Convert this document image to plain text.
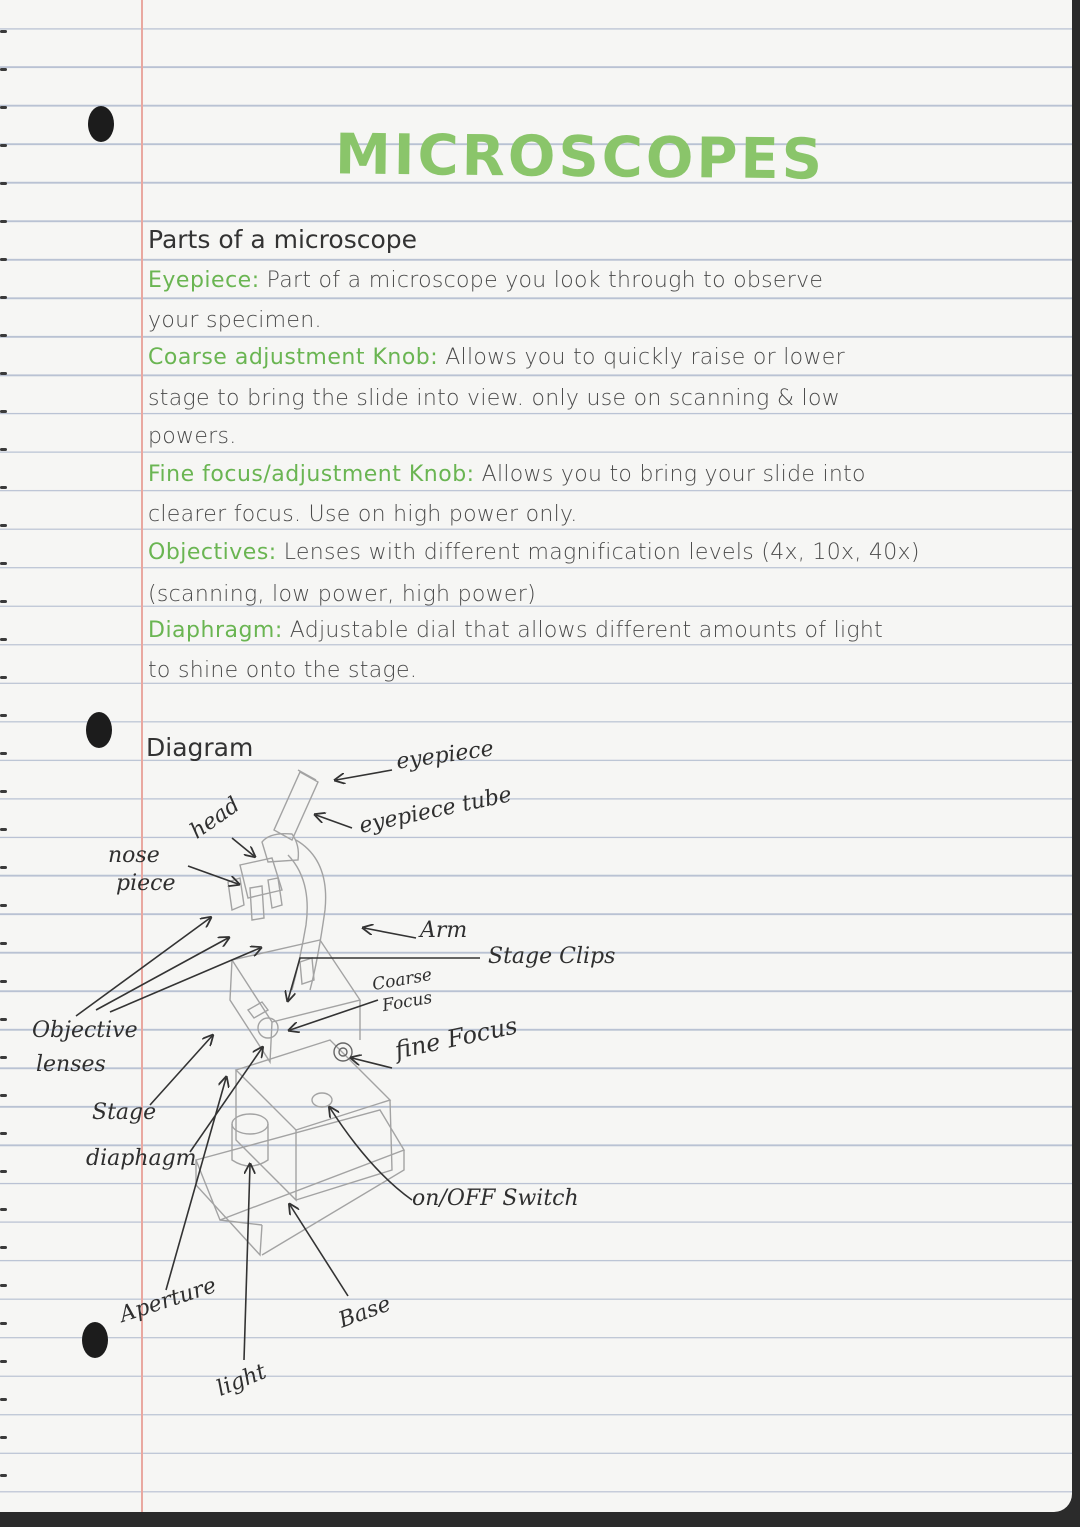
MICROSCOPES
Parts of a microscope
Eyepiece: Part of a microscope you look through to observe
your specimen.
Coarse adjustment Knob: Allows you to quickly raise or lower
stage to bring the slide into view. only use on scanning & low
powers.
Fine focus/adjustment Knob: Allows you to bring your slide into
clearer focus. Use on high power only.
Objectives: Lenses with different magnification levels (4x, 10x, 40x)
(scanning, low power, high power)
Diaphragm: Adjustable dial that allows different amounts of light
to shine onto the stage.
Diagram	eyepiece
eyepiece tube
head
nose
piece
Arm
Stage Clips
Coarse
Focus
fine Focus
Objective
lenses
Stage
diaphagm
on/OFF Switch
Aperture	Base
light
